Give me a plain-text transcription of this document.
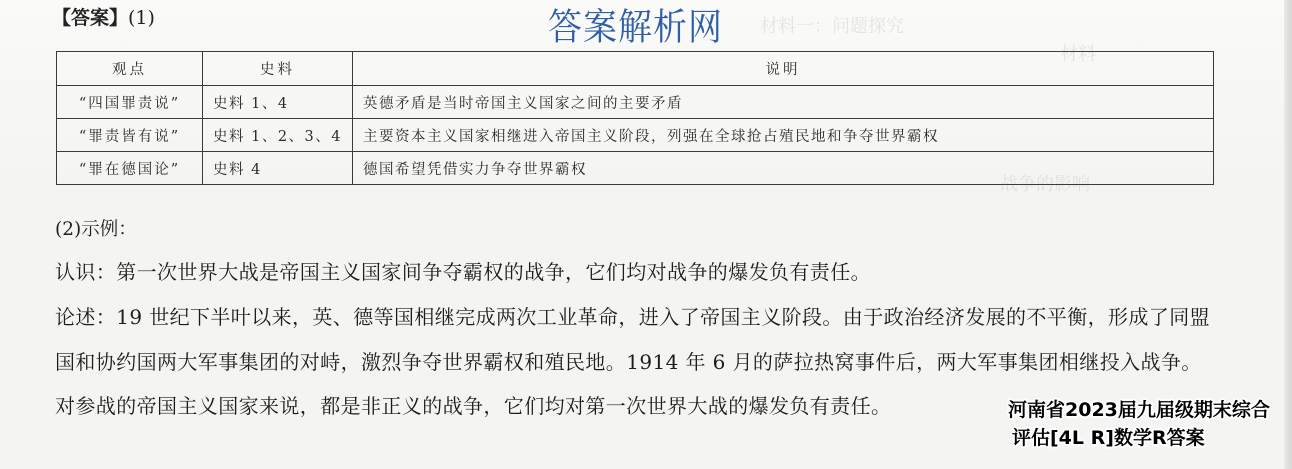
材料一：问题探究
材料
战争的影响
【答案】(1)	答案解析网
观点	史料	说明
“四国罪责说”	史料 1、4	英德矛盾是当时帝国主义国家之间的主要矛盾
“罪责皆有说”	史料 1、2、3、4	主要资本主义国家相继进入帝国主义阶段，列强在全球抢占殖民地和争夺世界霸权
“罪在德国论”	史料 4	德国希望凭借实力争夺世界霸权
(2)示例：
认识：第一次世界大战是帝国主义国家间争夺霸权的战争，它们均对战争的爆发负有责任。
论述：19 世纪下半叶以来，英、德等国相继完成两次工业革命，进入了帝国主义阶段。由于政治经济发展的不平衡，形成了同盟国和协约国两大军事集团的对峙，激烈争夺世界霸权和殖民地。1914 年 6 月的萨拉热窝事件后，两大军事集团相继投入战争。对参战的帝国主义国家来说，都是非正义的战争，它们均对第一次世界大战的爆发负有责任。	河南省2023届九届级期末综合
评估[4L R]数学R答案
